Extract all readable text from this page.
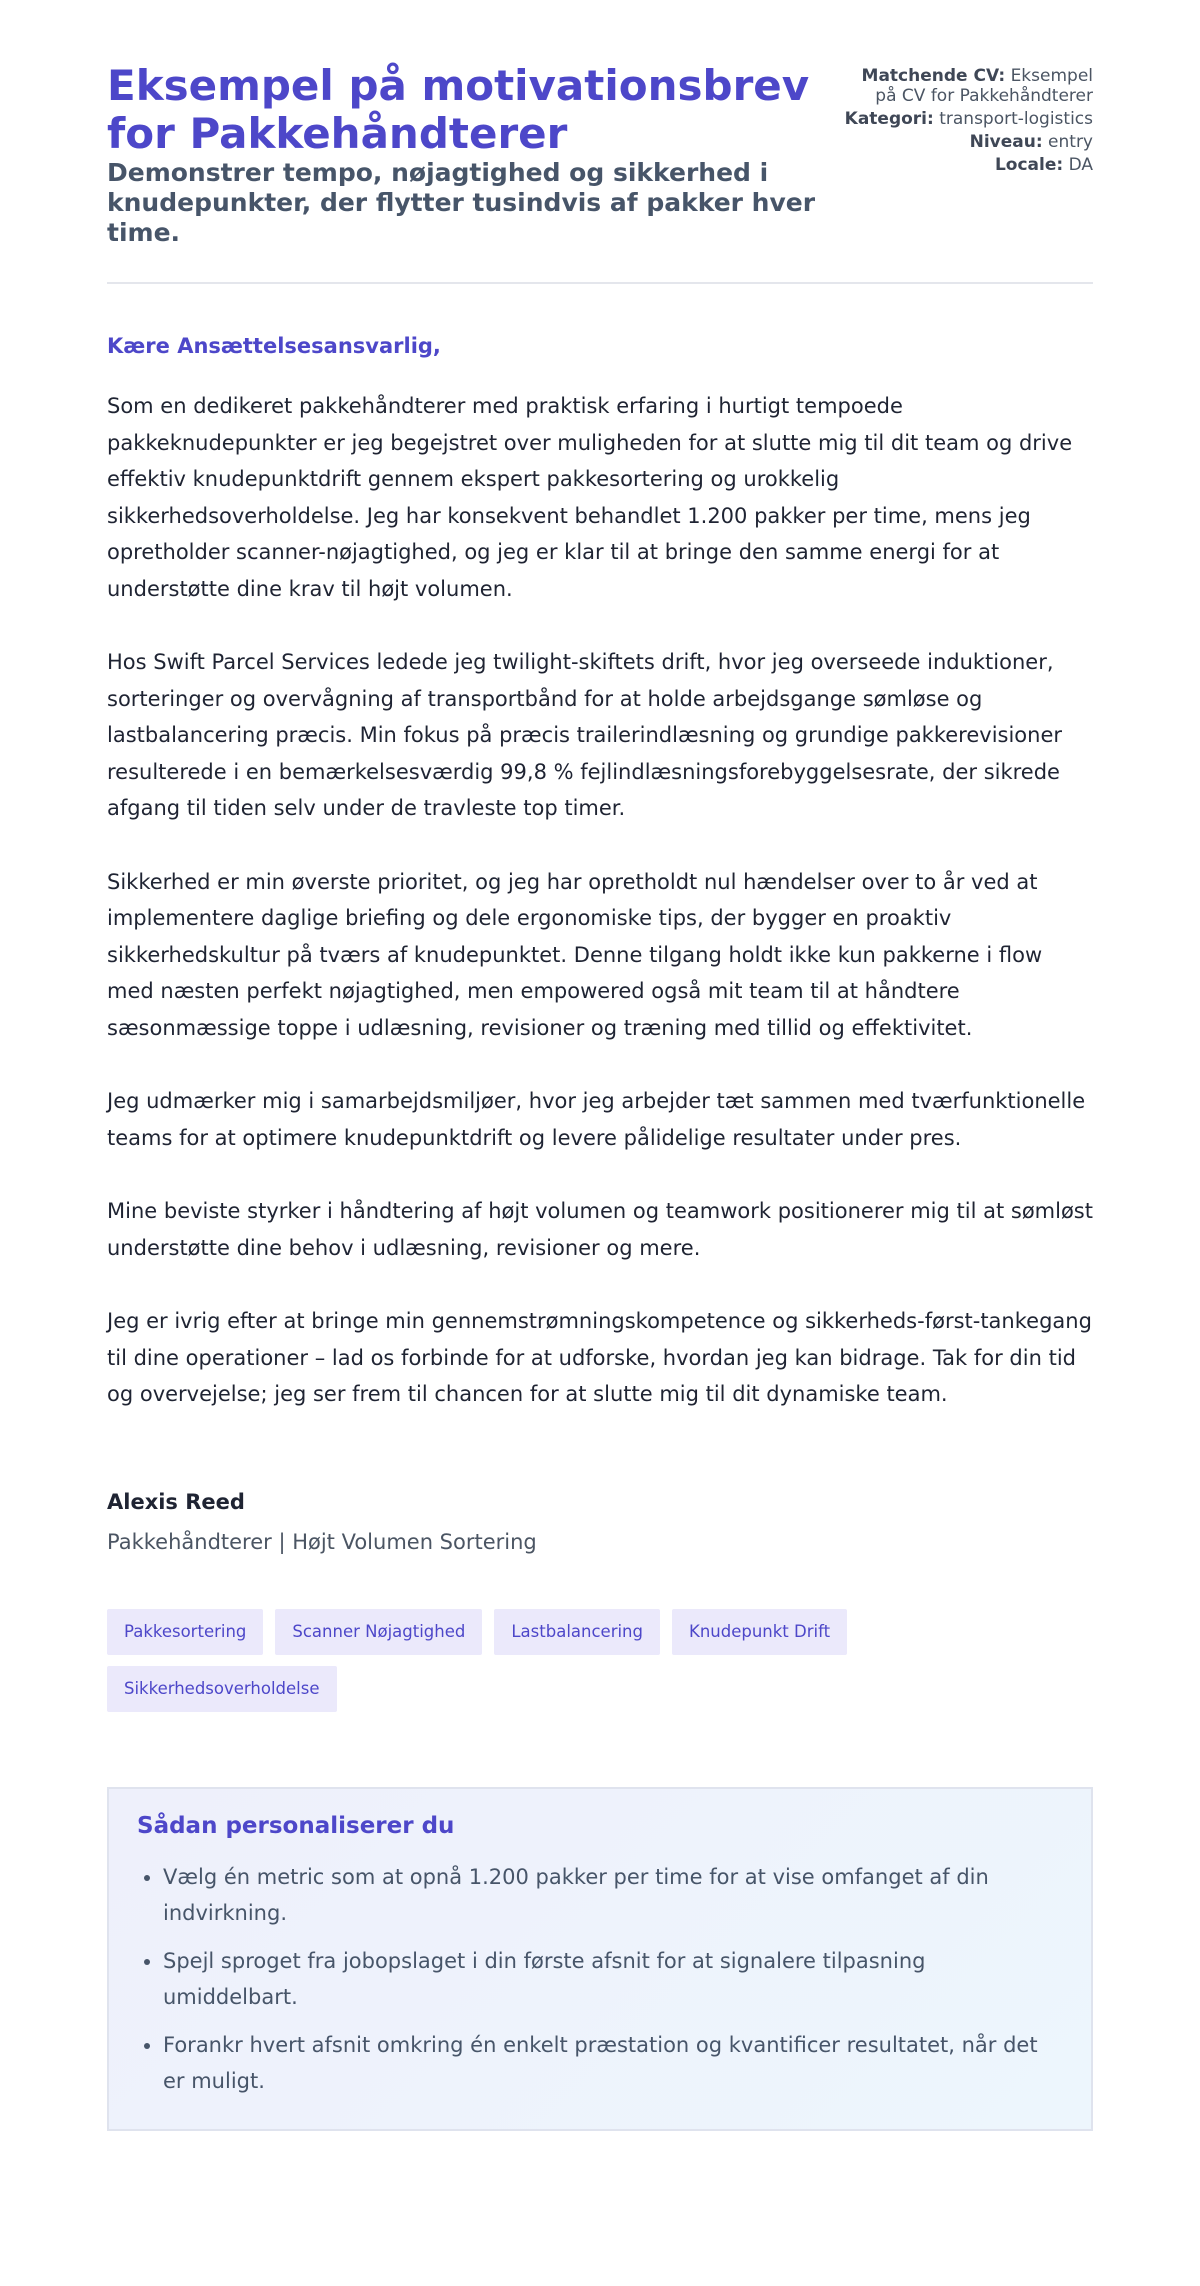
Eksempel på motivationsbrev for Pakkehåndterer
Demonstrer tempo, nøjagtighed og sikkerhed i knudepunkter, der flytter tusindvis af pakker hver time.
Matchende CV: Eksempel på CV for Pakkehåndterer
Kategori: transport-logistics
Niveau: entry
Locale: DA

Kære Ansættelsesansvarlig,

Som en dedikeret pakkehåndterer med praktisk erfaring i hurtigt tempoede pakkeknudepunkter er jeg begejstret over muligheden for at slutte mig til dit team og drive effektiv knudepunktdrift gennem ekspert pakkesortering og urokkelig sikkerhedsoverholdelse. Jeg har konsekvent behandlet 1.200 pakker per time, mens jeg opretholder scanner-nøjagtighed, og jeg er klar til at bringe den samme energi for at understøtte dine krav til højt volumen.

Hos Swift Parcel Services ledede jeg twilight-skiftets drift, hvor jeg overseede induktioner, sorteringer og overvågning af transportbånd for at holde arbejdsgange sømløse og lastbalancering præcis. Min fokus på præcis trailerindlæsning og grundige pakkerevisioner resulterede i en bemærkelsesværdig 99,8 % fejlindlæsningsforebyggelsesrate, der sikrede afgang til tiden selv under de travleste top timer.

Sikkerhed er min øverste prioritet, og jeg har opretholdt nul hændelser over to år ved at implementere daglige briefing og dele ergonomiske tips, der bygger en proaktiv sikkerhedskultur på tværs af knudepunktet. Denne tilgang holdt ikke kun pakkerne i flow med næsten perfekt nøjagtighed, men empowered også mit team til at håndtere sæsonmæssige toppe i udlæsning, revisioner og træning med tillid og effektivitet.

Jeg udmærker mig i samarbejdsmiljøer, hvor jeg arbejder tæt sammen med tværfunktionelle teams for at optimere knudepunktdrift og levere pålidelige resultater under pres.

Mine beviste styrker i håndtering af højt volumen og teamwork positionerer mig til at sømløst understøtte dine behov i udlæsning, revisioner og mere.

Jeg er ivrig efter at bringe min gennemstrømningskompetence og sikkerheds-først-tankegang til dine operationer – lad os forbinde for at udforske, hvordan jeg kan bidrage. Tak for din tid og overvejelse; jeg ser frem til chancen for at slutte mig til dit dynamiske team.

Alexis Reed
Pakkehåndterer | Højt Volumen Sortering
Pakkesortering	Scanner Nøjagtighed	Lastbalancering	Knudepunkt Drift
Sikkerhedsoverholdelse
Sådan personaliserer du
• Vælg én metric som at opnå 1.200 pakker per time for at vise omfanget af din indvirkning.
• Spejl sproget fra jobopslaget i din første afsnit for at signalere tilpasning umiddelbart.
• Forankr hvert afsnit omkring én enkelt præstation og kvantificer resultatet, når det er muligt.
